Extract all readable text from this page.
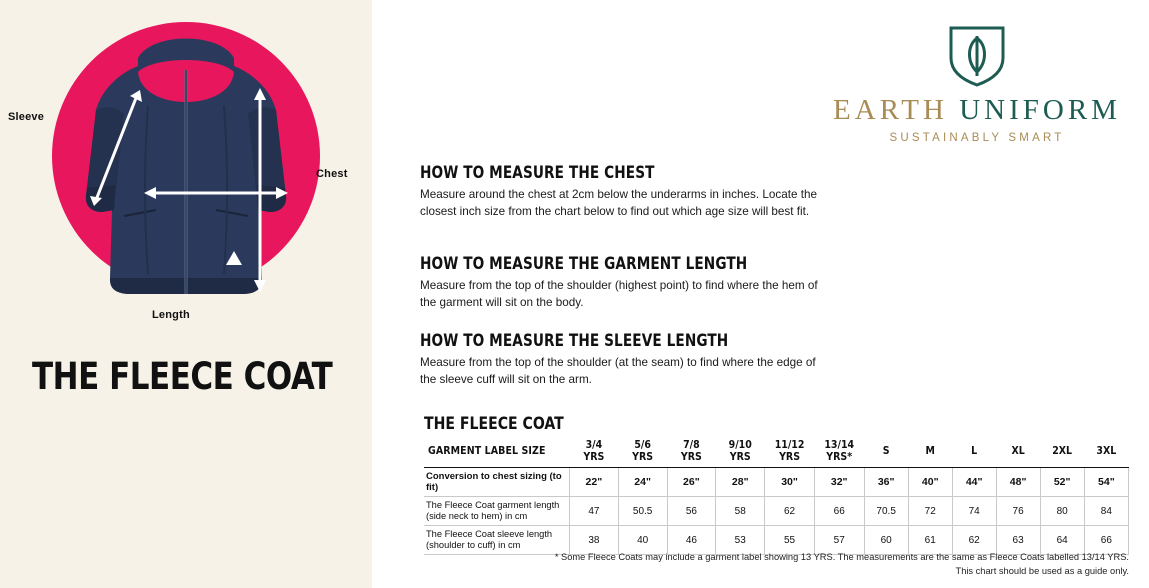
Sleeve
Chest
Length
THE FLEECE COAT
EARTH UNIFORM
SUSTAINABLY SMART
HOW TO MEASURE THE CHEST

Measure around the chest at 2cm below the underarms in inches. Locate the closest inch size from the chart below to find out which age size will best fit.

HOW TO MEASURE THE GARMENT LENGTH

Measure from the top of the shoulder (highest point) to find where the hem of the garment will sit on the body.

HOW TO MEASURE THE SLEEVE LENGTH

Measure from the top of the shoulder (at the seam) to find where the edge of the sleeve cuff will sit on the arm.

THE FLEECE COAT
GARMENT LABEL SIZE	3/4 YRS	5/6 YRS	7/8 YRS	9/10 YRS	11/12 YRS	13/14 YRS*	S	M	L	XL	2XL	3XL
Conversion to chest sizing (to fit)	22"	24"	26"	28"	30"	32"	36"	40"	44"	48"	52"	54"
The Fleece Coat garment length (side neck to hem) in cm	47	50.5	56	58	62	66	70.5	72	74	76	80	84
The Fleece Coat sleeve length (shoulder to cuff) in cm	38	40	46	53	55	57	60	61	62	63	64	66
* Some Fleece Coats may include a garment label showing 13 YRS. The measurements are the same as Fleece Coats labelled 13/14 YRS.
This chart should be used as a guide only.
